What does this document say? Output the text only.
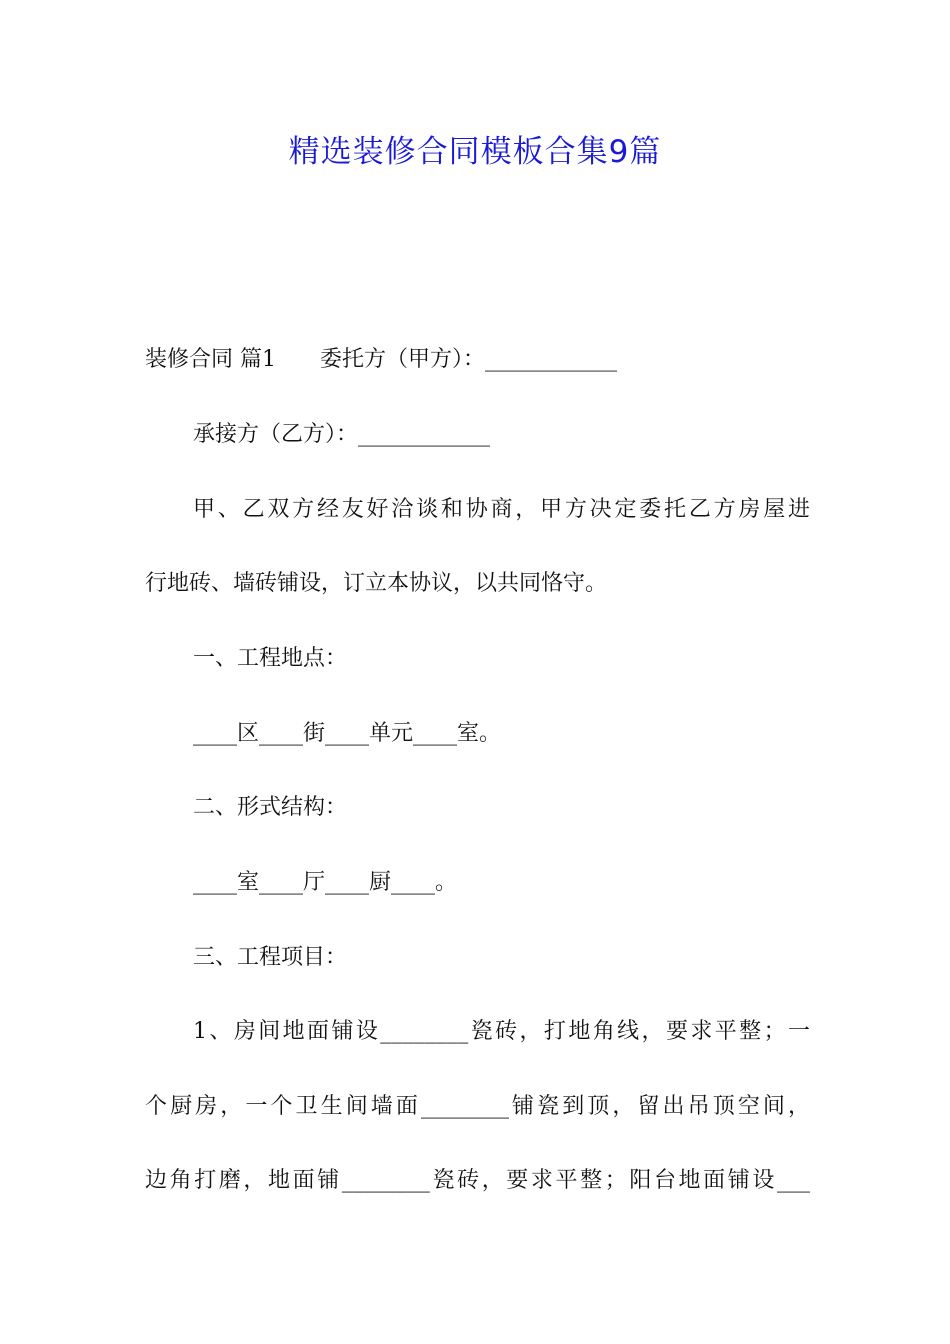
精选装修合同模板合集9篇
装修合同 篇1　　委托方（甲方）：____________
承接方（乙方）：____________
甲、乙双方经友好洽谈和协商，甲方决定委托乙方房屋进
行地砖、墙砖铺设，订立本协议，以共同恪守。
一、工程地点：
____区____街____单元____室。
二、形式结构：
____室____厅____厨____。
三、工程项目：
1、房间地面铺设________瓷砖，打地角线，要求平整；一
个厨房，一个卫生间墙面________铺瓷到顶，留出吊顶空间，
边角打磨，地面铺________瓷砖，要求平整；阳台地面铺设___
